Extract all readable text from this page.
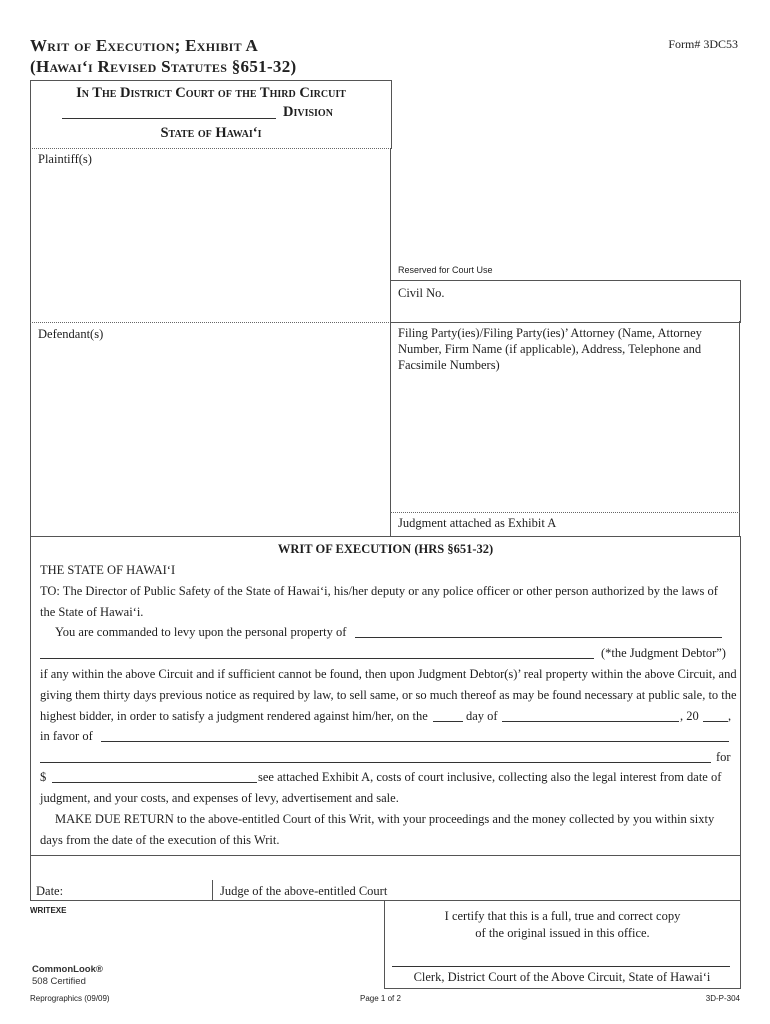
Writ of Execution; Exhibit A
(Hawai‘i Revised Statutes §651-32)
Form# 3DC53
In The District Court of the Third Circuit
Division
State of Hawai‘i
Plaintiff(s)
Defendant(s)
Reserved for Court Use
Civil No.
Filing Party(ies)/Filing Party(ies)’ Attorney (Name, Attorney Number, Firm Name (if applicable), Address, Telephone and Facsimile Numbers)
Judgment attached as Exhibit A
WRIT OF EXECUTION (HRS §651-32)
THE STATE OF HAWAI‘I
TO: The Director of Public Safety of the State of Hawai‘i, his/her deputy or any police officer or other person authorized by the laws of
the State of Hawai‘i.
You are commanded to levy upon the personal property of
(*the Judgment Debtor”)
if any within the above Circuit and if sufficient cannot be found, then upon Judgment Debtor(s)’ real property within the above Circuit, and
giving them thirty days previous notice as required by law, to sell same, or so much thereof as may be found necessary at public sale, to the
highest bidder, in order to satisfy a judgment rendered against him/her, on the	day of	, 20 ,
in favor of
for
$	see attached Exhibit A, costs of court inclusive, collecting also the legal interest from date of
judgment, and your costs, and expenses of levy, advertisement and sale.
MAKE DUE RETURN to the above-entitled Court of this Writ, with your proceedings and the money collected by you within sixty
days from the date of the execution of this Writ.
Date:	Judge of the above-entitled Court
WRITEXE	I certify that this is a full, true and correct copy of the original issued in this office.
Clerk, District Court of the Above Circuit, State of Hawai‘i
CommonLook®
508 Certified
Reprographics (09/09)	Page 1 of 2	3D-P-304
